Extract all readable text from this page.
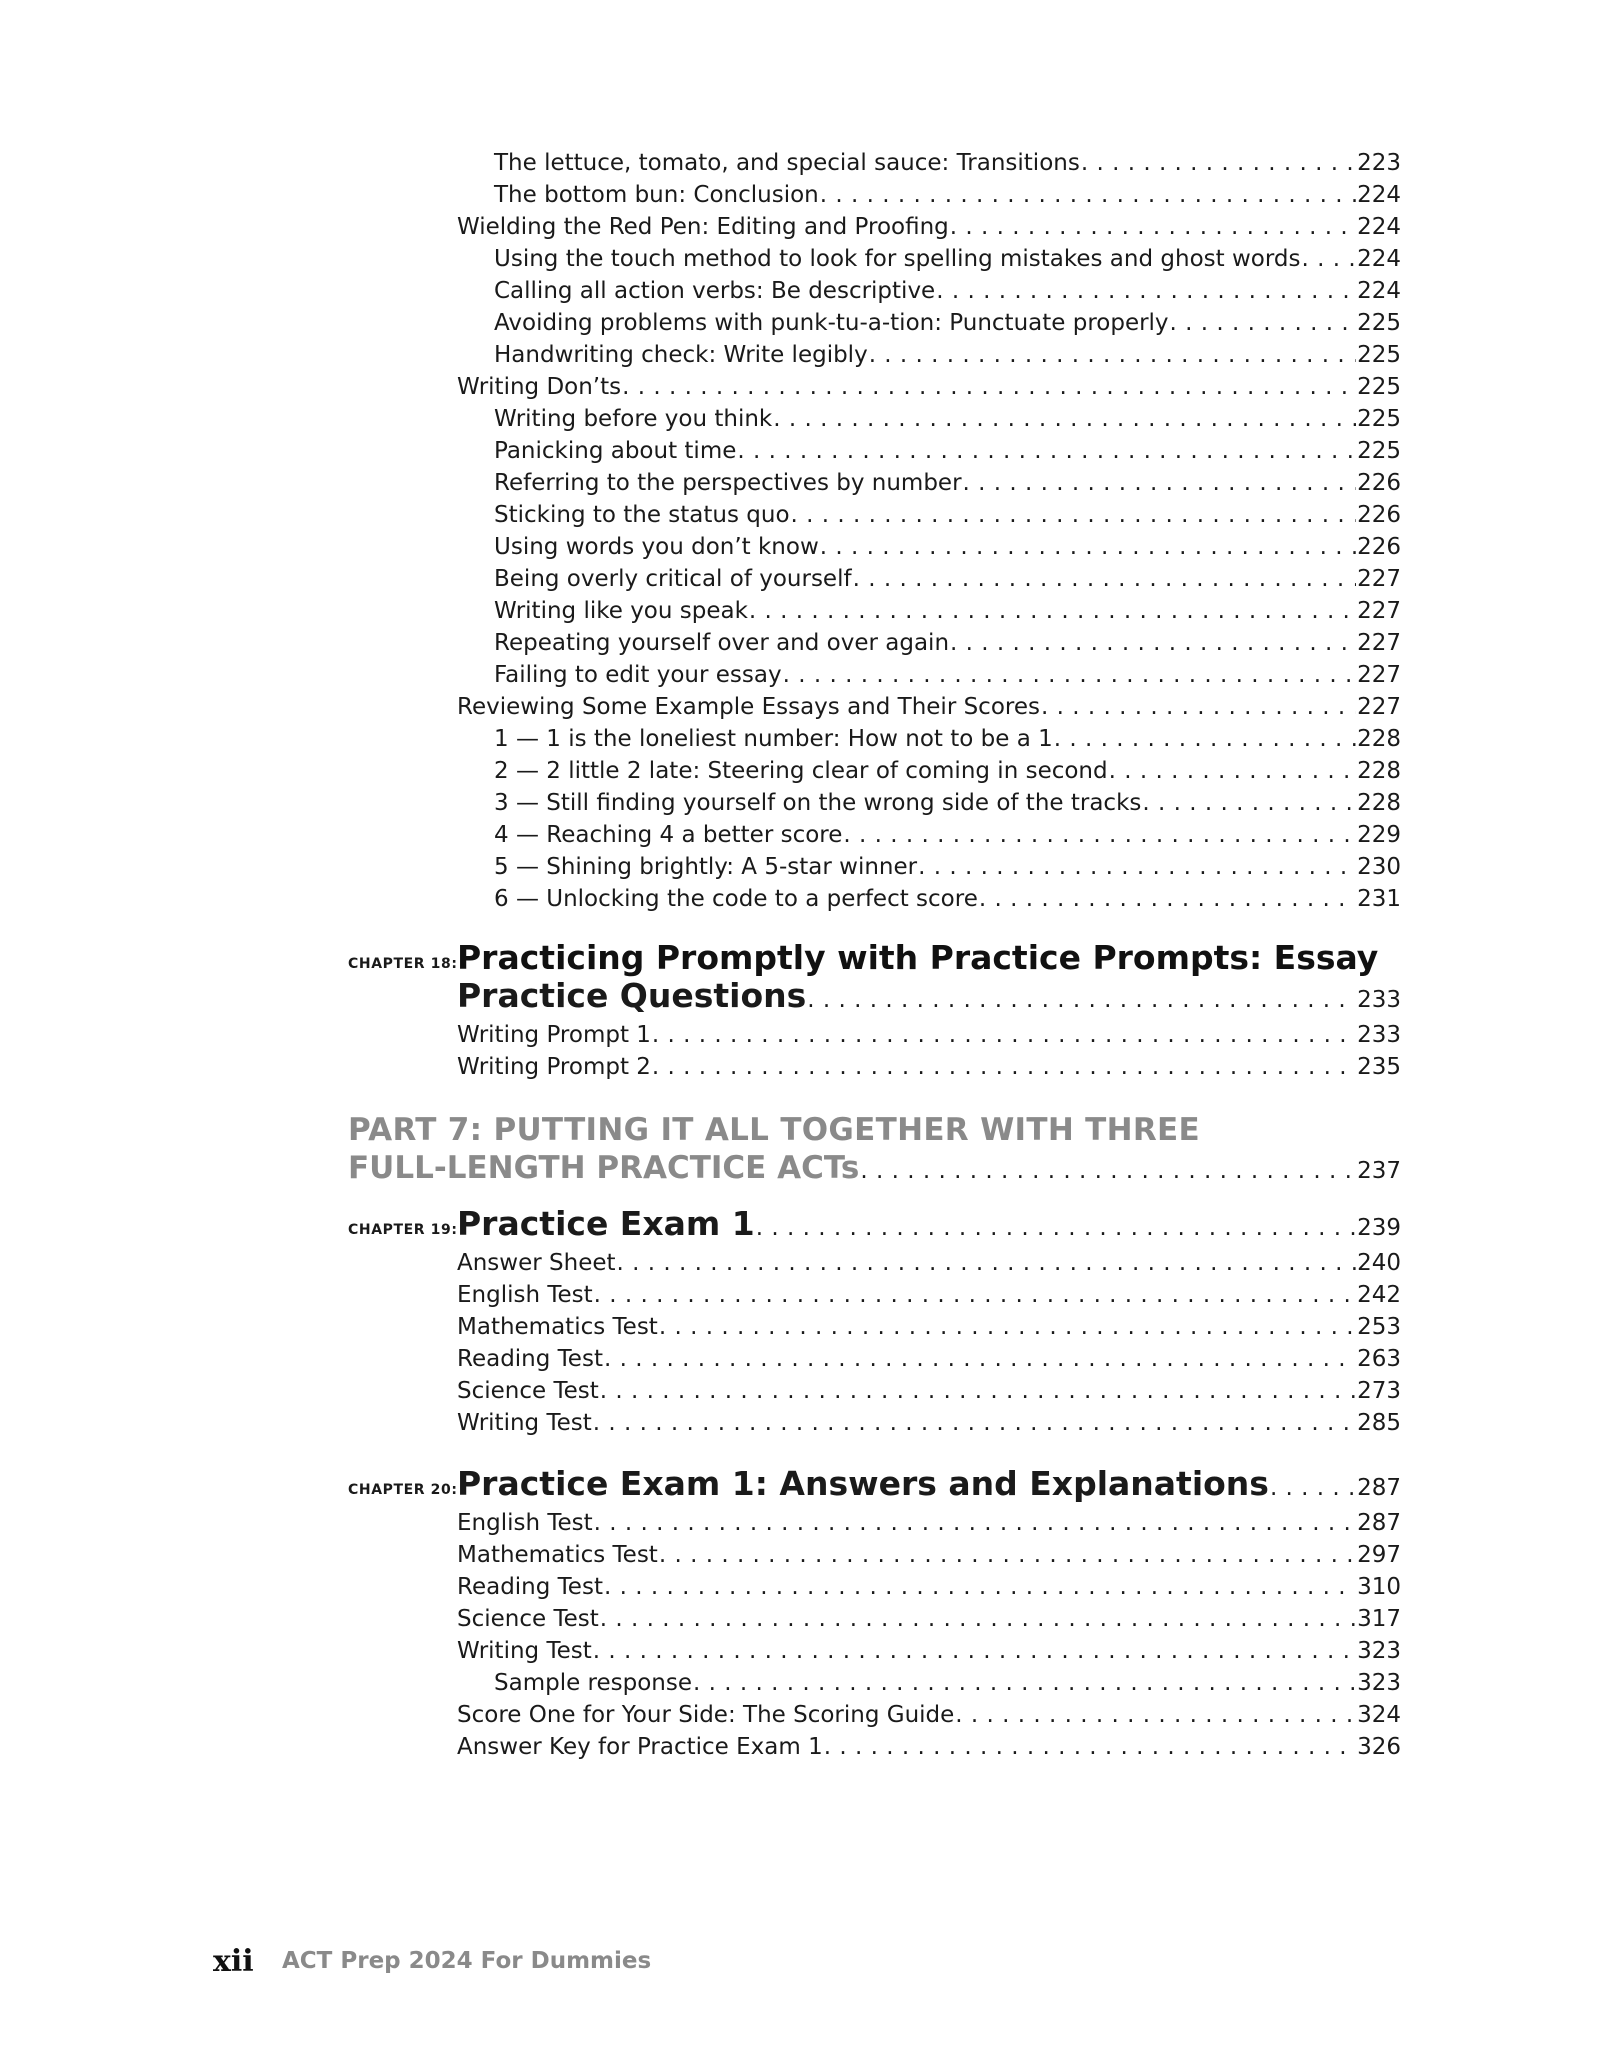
The lettuce, tomato, and special sauce: Transitions . . .	223
The bottom bun: Conclusion . . .	224
Wielding the Red Pen: Editing and Proofing . . .	224
Using the touch method to look for spelling mistakes and ghost words . . . 224
Calling all action verbs: Be descriptive . . .	224
Avoiding problems with punk-tu-a-tion: Punctuate properly . . .	225
Handwriting check: Write legibly . . .	225
Writing Don’ts . . .	225
Writing before you think . . .	225
Panicking about time . . .	225
Referring to the perspectives by number . . .	226
Sticking to the status quo . . .	226
Using words you don’t know . . .	226
Being overly critical of yourself . . .	227
Writing like you speak . . .	227
Repeating yourself over and over again . . .	227
Failing to edit your essay . . .	227
Reviewing Some Example Essays and Their Scores . . .	227
1 — 1 is the loneliest number: How not to be a 1 . . .	228
2 — 2 little 2 late: Steering clear of coming in second . . .	228
3 — Still finding yourself on the wrong side of the tracks . . .	228
4 — Reaching 4 a better score . . .	229
5 — Shining brightly: A 5-star winner . . .	230
6 — Unlocking the code to a perfect score . . .	231
CHAPTER 18: Practicing Promptly with Practice Prompts: Essay
Practice Questions . . .	233
Writing Prompt 1 . . .	233
Writing Prompt 2 . . .	235
PART 7: PUTTING IT ALL TOGETHER WITH THREE
FULL-LENGTH PRACTICE ACTs . . .	237
CHAPTER 19: Practice Exam 1 . . .	239
Answer Sheet . . .	240
English Test . . .	242
Mathematics Test . . .	253
Reading Test . . .	263
Science Test . . .	273
Writing Test . . .	285
CHAPTER 20: Practice Exam 1: Answers and Explanations . . .	287
English Test . . .	287
Mathematics Test . . .	297
Reading Test . . .	310
Science Test . . .	317
Writing Test . . .	323
Sample response . . .	323
Score One for Your Side: The Scoring Guide . . .	324
Answer Key for Practice Exam 1 . . .	326
xii ACT Prep 2024 For Dummies
